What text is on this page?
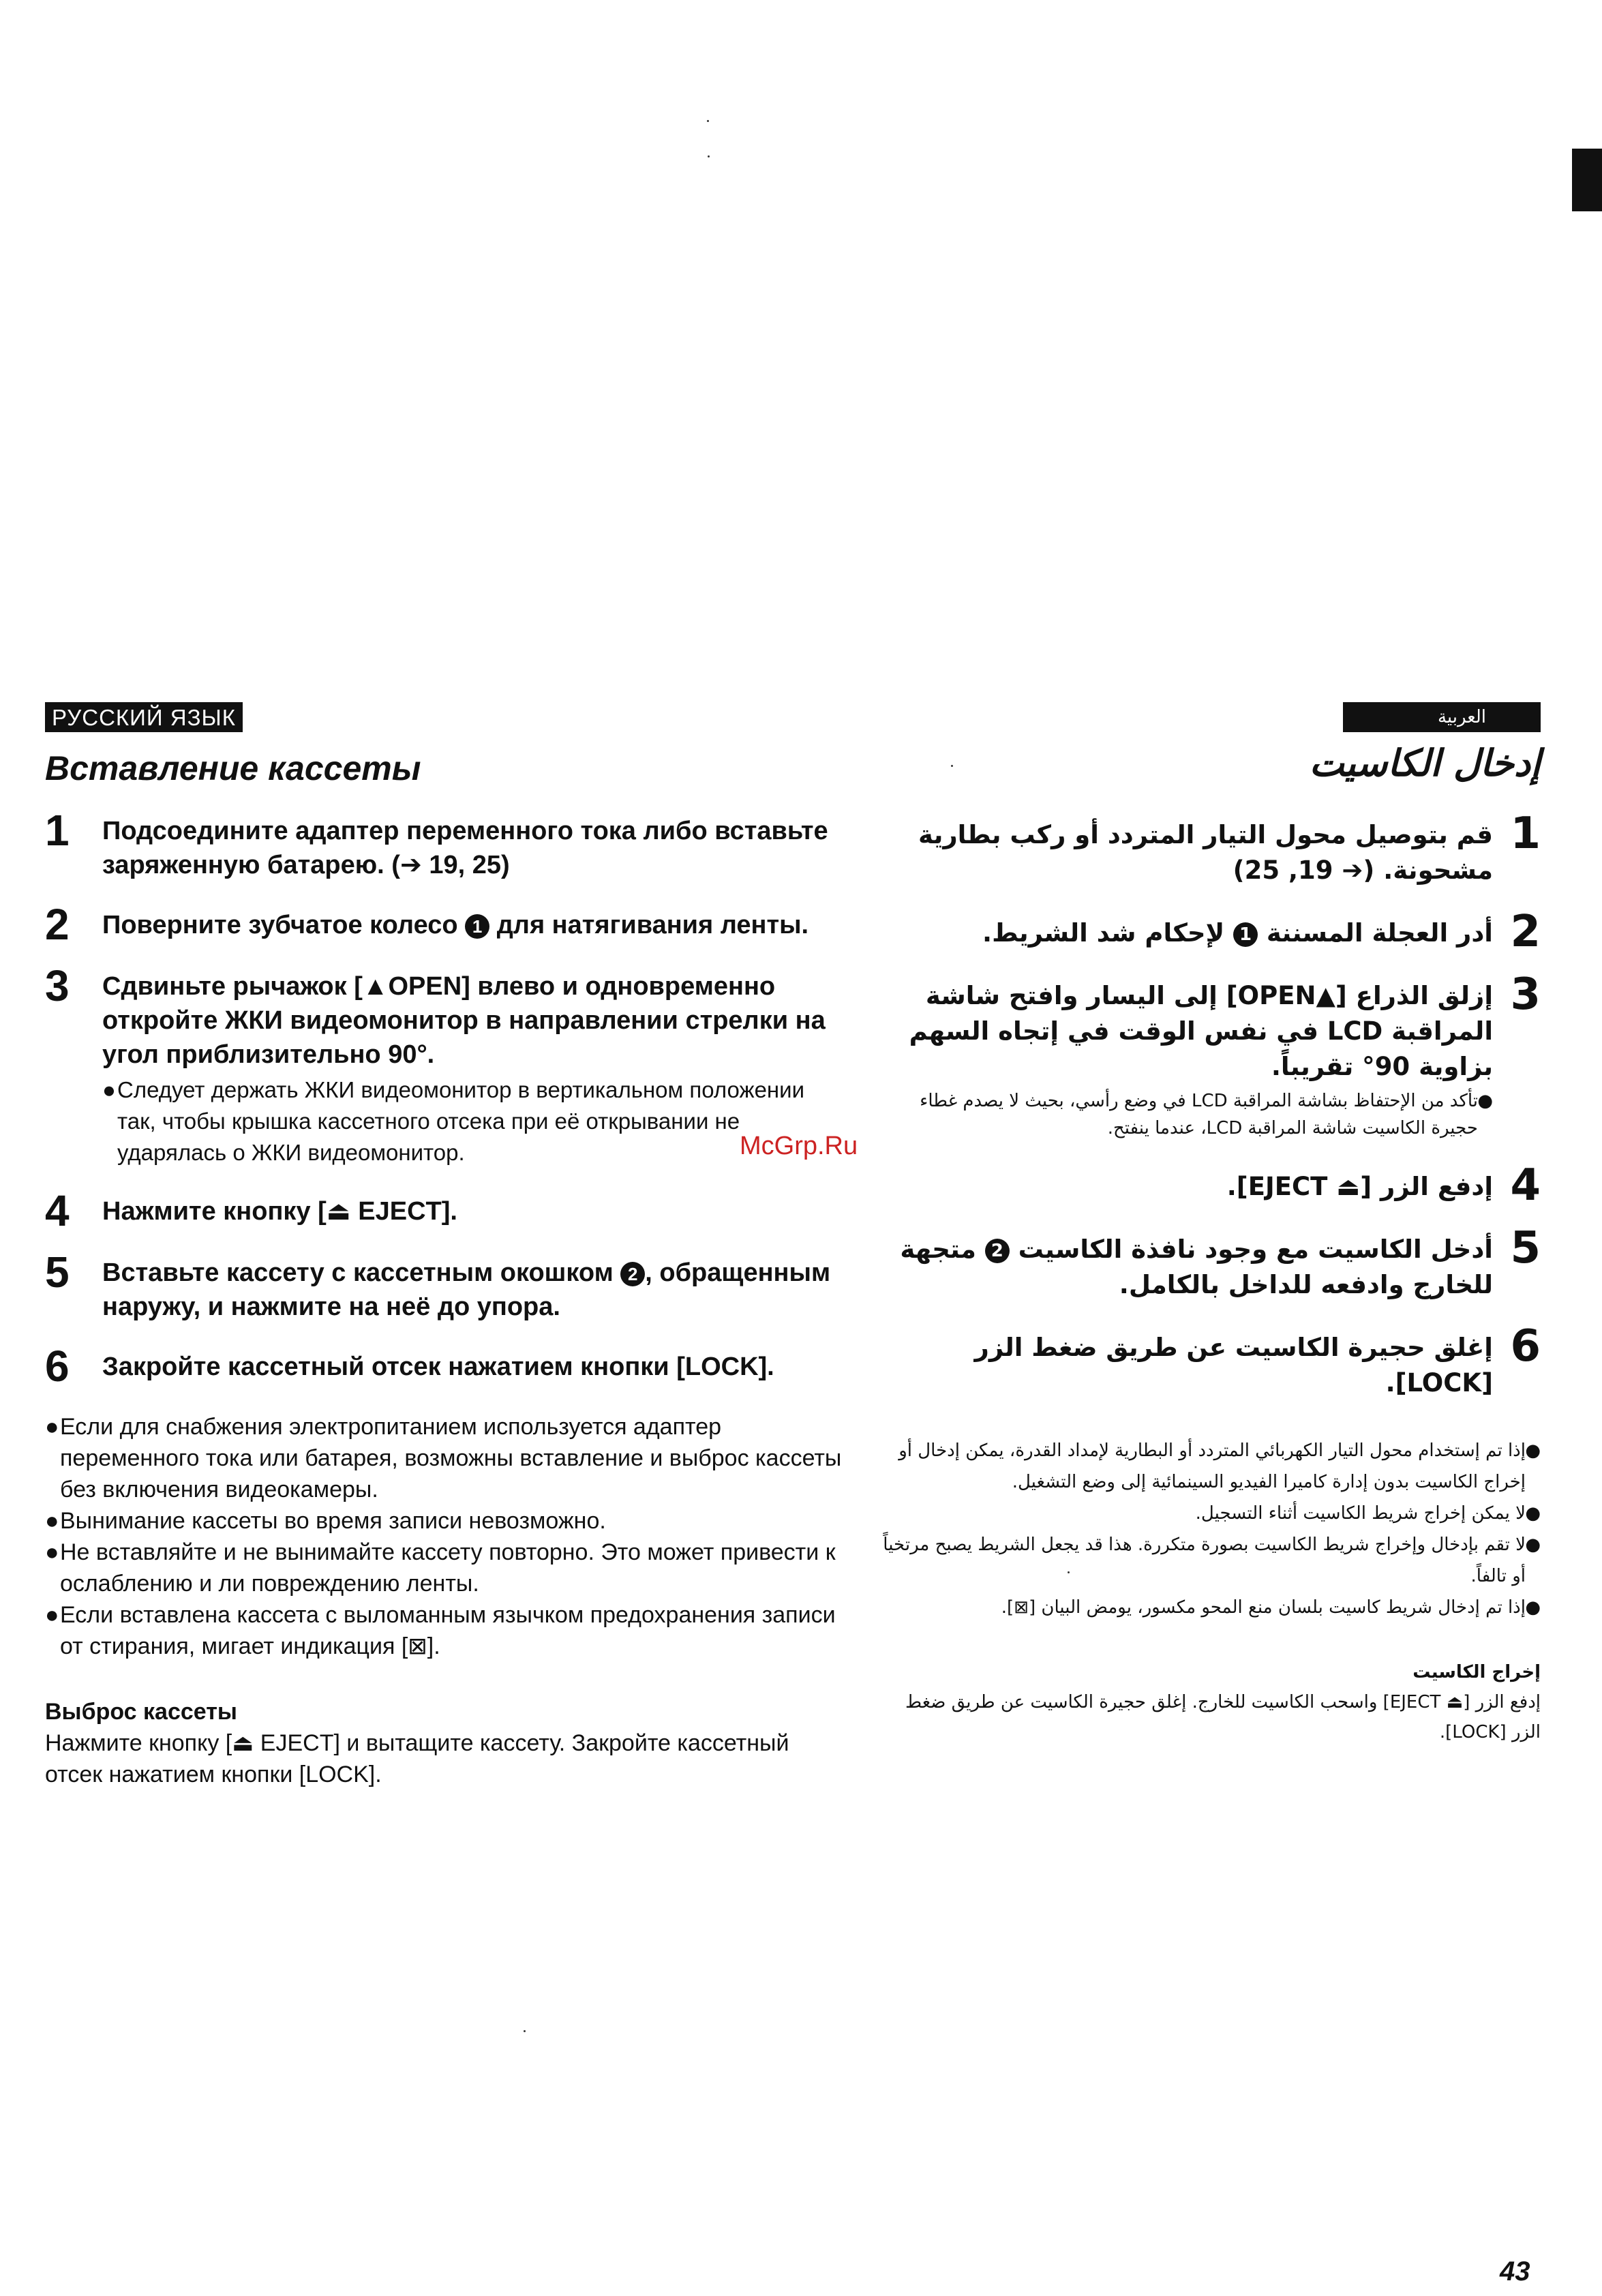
РУССКИЙ ЯЗЫК
Вставление кассеты
1	Подсоедините адаптер переменного тока либо вставьте заряженную батарею. (➔ 19, 25)
2	Поверните зубчатое колесо 1 для натягивания ленты.
3	Сдвиньте рычажок [▲OPEN] влево и одновременно откройте ЖКИ видеомонитор в направлении стрелки на угол приблизительно 90°.
● Следует держать ЖКИ видеомонитор в вертикальном положении так, чтобы крышка кассетного отсека при её открывании не ударялась о ЖКИ видеомонитор.
4	Нажмите кнопку [⏏ EJECT].
5	Вставьте кассету с кассетным окошком 2 , обращенным наружу, и нажмите на неё до упора.
6	Закройте кассетный отсек нажатием кнопки [LOCK].
● Если для снабжения электропитанием используется адаптер переменного тока или батарея, возможны вставление и выброс кассеты без включения видеокамеры.
● Вынимание кассеты во время записи невозможно.
● Не вставляйте и не вынимайте кассету повторно. Это может привести к ослаблению и ли повреждению ленты.
● Если вставлена кассета с выломанным язычком предохранения записи от стирания, мигает индикация [⊠].
Выброс кассеты
Нажмите кнопку [⏏ EJECT] и вытащите кассету. Закройте кассетный отсек нажатием кнопки [LOCK].
العربية
إدخال الكاسيت
1
قم بتوصيل محول التيار المتردد أو ركب بطارية مشحونة. (➔ 19, 25)
2
أدر العجلة المسننة 1 لإحكام شد الشريط.
3
إزلق الذراع [▲OPEN] إلى اليسار وافتح شاشة المراقبة LCD في نفس الوقت في إتجاه السهم بزاوية 90° تقريباً.
●
تأكد من الإحتفاظ بشاشة المراقبة LCD في وضع رأسي، بحيث لا يصدم غطاء حجيرة الكاسيت شاشة المراقبة LCD، عندما ينفتح.
4
إدفع الزر [⏏ EJECT].
5
أدخل الكاسيت مع وجود نافذة الكاسيت 2 متجهة للخارج وادفعه للداخل بالكامل.
6
إغلق حجيرة الكاسيت عن طريق ضغط الزر [LOCK].
●
إذا تم إستخدام محول التيار الكهربائي المتردد أو البطارية لإمداد القدرة، يمكن إدخال أو إخراج الكاسيت بدون إدارة كاميرا الفيديو السينمائية إلى وضع التشغيل.
●
لا يمكن إخراج شريط الكاسيت أثناء التسجيل.
●
لا تقم بإدخال وإخراج شريط الكاسيت بصورة متكررة. هذا قد يجعل الشريط يصبح مرتخياً أو تالفاً.
●
إذا تم إدخال شريط كاسيت بلسان منع المحو مكسور، يومض البيان [⊠].
إخراج الكاسيت
إدفع الزر [⏏ EJECT] واسحب الكاسيت للخارج. إغلق حجيرة الكاسيت عن طريق ضغط الزر [LOCK].
McGrp.Ru
43
